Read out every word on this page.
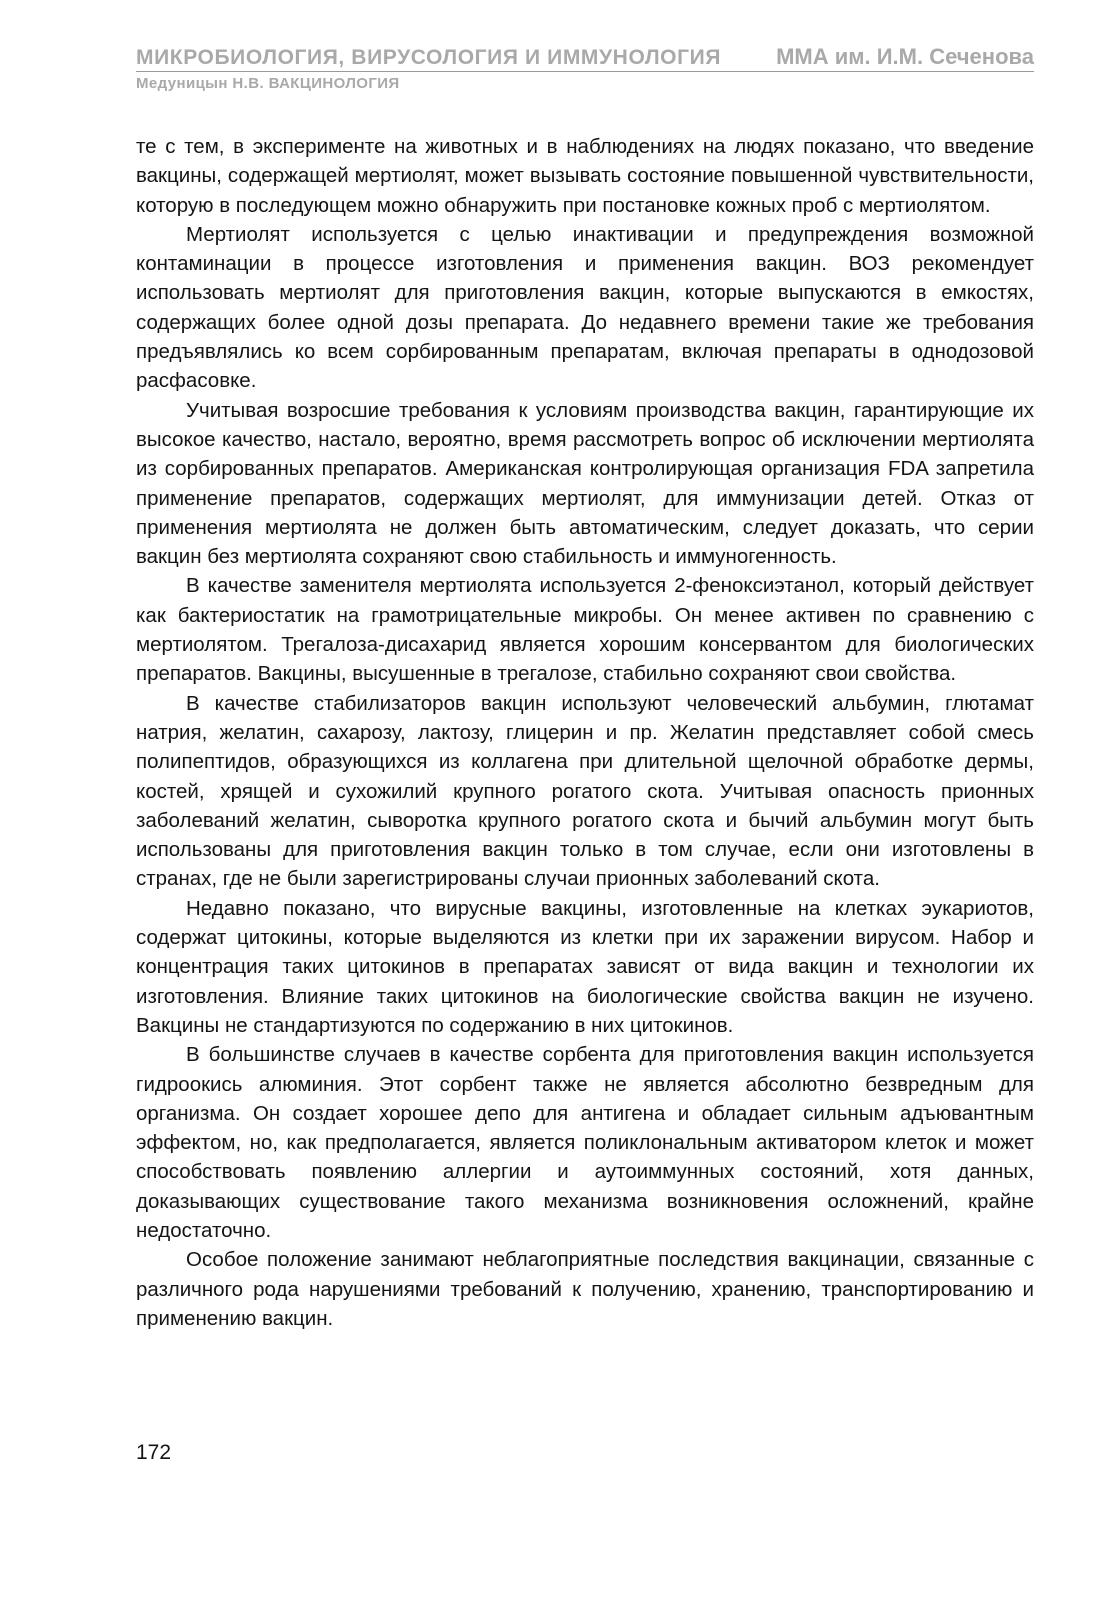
МИКРОБИОЛОГИЯ, ВИРУСОЛОГИЯ И ИММУНОЛОГИЯ	ММА им. И.М. Сеченова
Медуницын Н.В. ВАКЦИНОЛОГИЯ

те с тем, в эксперименте на животных и в наблюдениях на людях показано, что введение вакцины, содержащей мертиолят, может вызывать состояние повышенной чувствительности, которую в последующем можно обнаружить при постановке кожных проб с мертиолятом.

Мертиолят используется с целью инактивации и предупреждения возможной контаминации в процессе изготовления и применения вакцин. ВОЗ рекомендует использовать мертиолят для приготовления вакцин, которые выпускаются в емкостях, содержащих более одной дозы препарата. До недавнего времени такие же требования предъявлялись ко всем сорбированным препаратам, включая препараты в однодозовой расфасовке.

Учитывая возросшие требования к условиям производства вакцин, гарантирующие их высокое качество, настало, вероятно, время рассмотреть вопрос об исключении мертиолята из сорбированных препаратов. Американская контролирующая организация FDA запретила применение препаратов, содержащих мертиолят, для иммунизации детей. Отказ от применения мертиолята не должен быть автоматическим, следует доказать, что серии вакцин без мертиолята сохраняют свою стабильность и иммуногенность.

В качестве заменителя мертиолята используется 2-феноксиэтанол, который действует как бактериостатик на грамотрицательные микробы. Он менее активен по сравнению с мертиолятом. Трегалоза-дисахарид является хорошим консервантом для биологических препаратов. Вакцины, высушенные в трегалозе, стабильно сохраняют свои свойства.

В качестве стабилизаторов вакцин используют человеческий альбумин, глютамат натрия, желатин, сахарозу, лактозу, глицерин и пр. Желатин представляет собой смесь полипептидов, образующихся из коллагена при длительной щелочной обработке дермы, костей, хрящей и сухожилий крупного рогатого скота. Учитывая опасность прионных заболеваний желатин, сыворотка крупного рогатого скота и бычий альбумин могут быть использованы для приготовления вакцин только в том случае, если они изготовлены в странах, где не были зарегистрированы случаи прионных заболеваний скота.

Недавно показано, что вирусные вакцины, изготовленные на клетках эукариотов, содержат цитокины, которые выделяются из клетки при их заражении вирусом. Набор и концентрация таких цитокинов в препаратах зависят от вида вакцин и технологии их изготовления. Влияние таких цитокинов на биологические свойства вакцин не изучено. Вакцины не стандартизуются по содержанию в них цитокинов.

В большинстве случаев в качестве сорбента для приготовления вакцин используется гидроокись алюминия. Этот сорбент также не является абсолютно безвредным для организма. Он создает хорошее депо для антигена и обладает сильным адъювантным эффектом, но, как предполагается, является поликлональным активатором клеток и может способствовать появлению аллергии и аутоиммунных состояний, хотя данных, доказывающих существование такого механизма возникновения осложнений, крайне недостаточно.

Особое положение занимают неблагоприятные последствия вакцинации, связанные с различного рода нарушениями требований к получению, хранению, транспортированию и применению вакцин.

172
